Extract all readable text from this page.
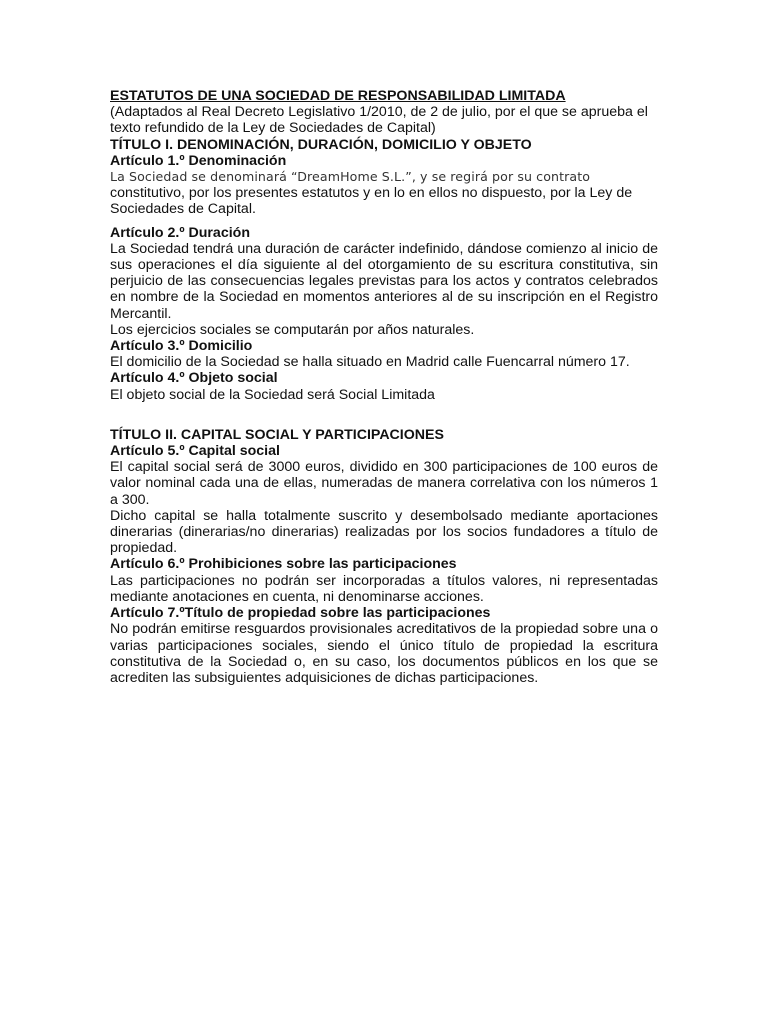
ESTATUTOS DE UNA SOCIEDAD DE RESPONSABILIDAD LIMITADA

(Adaptados al Real Decreto Legislativo 1/2010, de 2 de julio, por el que se aprueba el texto refundido de la Ley de Sociedades de Capital)

TÍTULO I. DENOMINACIÓN, DURACIÓN, DOMICILIO Y OBJETO

Artículo 1.º Denominación

La Sociedad se denominará “DreamHome S.L.”, y se regirá por su contrato constitutivo, por los presentes estatutos y en lo en ellos no dispuesto, por la Ley de Sociedades de Capital.

Artículo 2.º Duración

La Sociedad tendrá una duración de carácter indefinido, dándose comienzo al inicio de sus operaciones el día siguiente al del otorgamiento de su escritura constitutiva, sin perjuicio de las consecuencias legales previstas para los actos y contratos celebrados en nombre de la Sociedad en momentos anteriores al de su inscripción en el Registro Mercantil.

Los ejercicios sociales se computarán por años naturales.

Artículo 3.º Domicilio

El domicilio de la Sociedad se halla situado en Madrid calle Fuencarral número 17.

Artículo 4.º Objeto social

El objeto social de la Sociedad será Social Limitada

TÍTULO II. CAPITAL SOCIAL Y PARTICIPACIONES

Artículo 5.º Capital social

El capital social será de 3000 euros, dividido en 300 participaciones de 100 euros de valor nominal cada una de ellas, numeradas de manera correlativa con los números 1 a 300.

Dicho capital se halla totalmente suscrito y desembolsado mediante aportaciones dinerarias (dinerarias/no dinerarias) realizadas por los socios fundadores a título de propiedad.

Artículo 6.º Prohibiciones sobre las participaciones

Las participaciones no podrán ser incorporadas a títulos valores, ni representadas mediante anotaciones en cuenta, ni denominarse acciones.

Artículo 7.ºTítulo de propiedad sobre las participaciones

No podrán emitirse resguardos provisionales acreditativos de la propiedad sobre una o varias participaciones sociales, siendo el único título de propiedad la escritura constitutiva de la Sociedad o, en su caso, los documentos públicos en los que se acrediten las subsiguientes adquisiciones de dichas participaciones.
